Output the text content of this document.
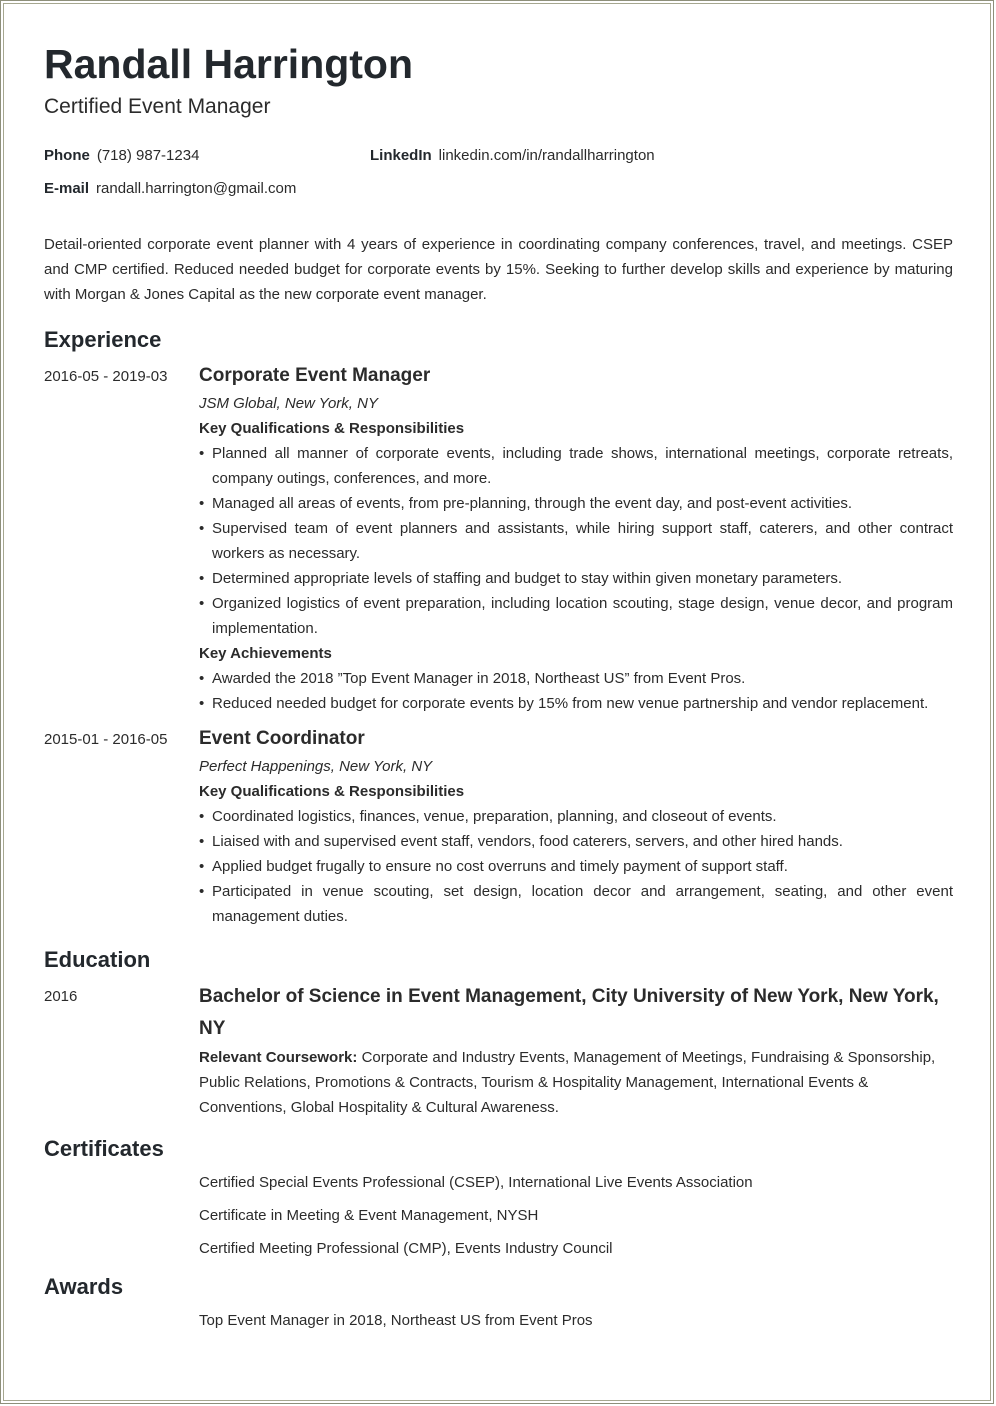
Randall Harrington
Certified Event Manager
Phone (718) 987-1234	LinkedIn linkedin.com/in/randallharrington
E-mail randall.harrington@gmail.com
Detail-oriented corporate event planner with 4 years of experience in coordinating company conferences, travel, and meetings. CSEP and CMP certified. Reduced needed budget for corporate events by 15%. Seeking to further develop skills and experience by maturing with Morgan & Jones Capital as the new corporate event manager.
Experience
2016-05 - 2019-03	Corporate Event Manager
JSM Global, New York, NY
Key Qualifications & Responsibilities
• Planned all manner of corporate events, including trade shows, international meetings, corporate retreats, company outings, conferences, and more.
• Managed all areas of events, from pre-planning, through the event day, and post-event activities.
• Supervised team of event planners and assistants, while hiring support staff, caterers, and other contract workers as necessary.
• Determined appropriate levels of staffing and budget to stay within given monetary parameters.
• Organized logistics of event preparation, including location scouting, stage design, venue decor, and program implementation.
Key Achievements
• Awarded the 2018 ”Top Event Manager in 2018, Northeast US” from Event Pros.
• Reduced needed budget for corporate events by 15% from new venue partnership and vendor replacement.
2015-01 - 2016-05	Event Coordinator
Perfect Happenings, New York, NY
Key Qualifications & Responsibilities
• Coordinated logistics, finances, venue, preparation, planning, and closeout of events.
• Liaised with and supervised event staff, vendors, food caterers, servers, and other hired hands.
• Applied budget frugally to ensure no cost overruns and timely payment of support staff.
• Participated in venue scouting, set design, location decor and arrangement, seating, and other event management duties.
Education
2016	Bachelor of Science in Event Management, City University of New York, New York, NY
Relevant Coursework: Corporate and Industry Events, Management of Meetings, Fundraising & Sponsorship, Public Relations, Promotions & Contracts, Tourism & Hospitality Management, International Events & Conventions, Global Hospitality & Cultural Awareness.
Certificates
Certified Special Events Professional (CSEP), International Live Events Association
Certificate in Meeting & Event Management, NYSH
Certified Meeting Professional (CMP), Events Industry Council
Awards
Top Event Manager in 2018, Northeast US from Event Pros
